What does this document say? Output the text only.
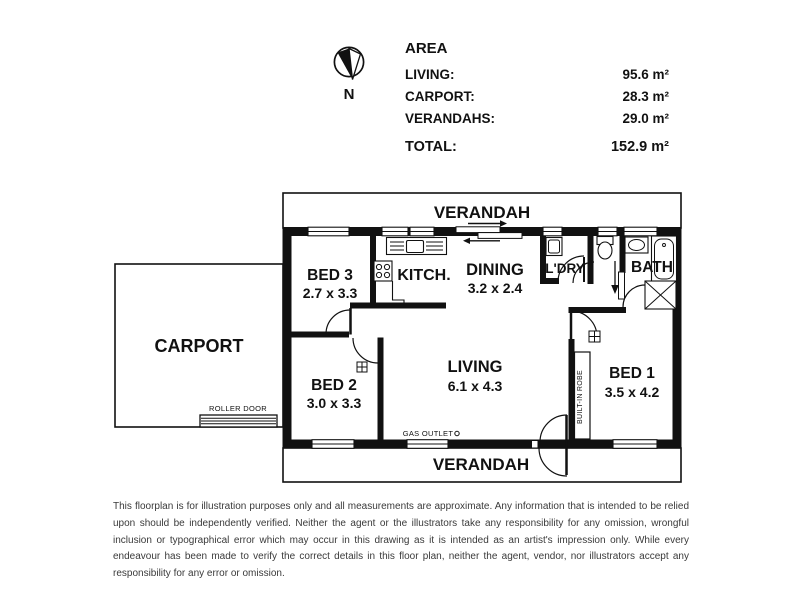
N
VERANDAH
VERANDAH
CARPORT
ROLLER DOOR
BED 3
2.7 x 3.3
KITCH. DINING
3.2 x 2.4
L'DRY	BATH
BED 2
3.0 x 3.3
LIVING
6.1 x 4.3
BED 1
3.5 x 4.2
GAS OUTLET
BUILT-IN ROBE
AREA
LIVING:	95.6 m²
CARPORT:	28.3 m²
VERANDAHS:	29.0 m²
TOTAL:	152.9 m²
This floorplan is for illustration purposes only and all measurements are approximate. Any information that is intended to be relied upon should be independently verified. Neither the agent or the illustrators take any responsibility for any omission, wrongful inclusion or typographical error which may occur in this drawing as it is intended as an artist's impression only. While every endeavour has been made to verify the correct details in this floor plan, neither the agent, vendor, nor illustrators accept any responsibility for any error or omission.
